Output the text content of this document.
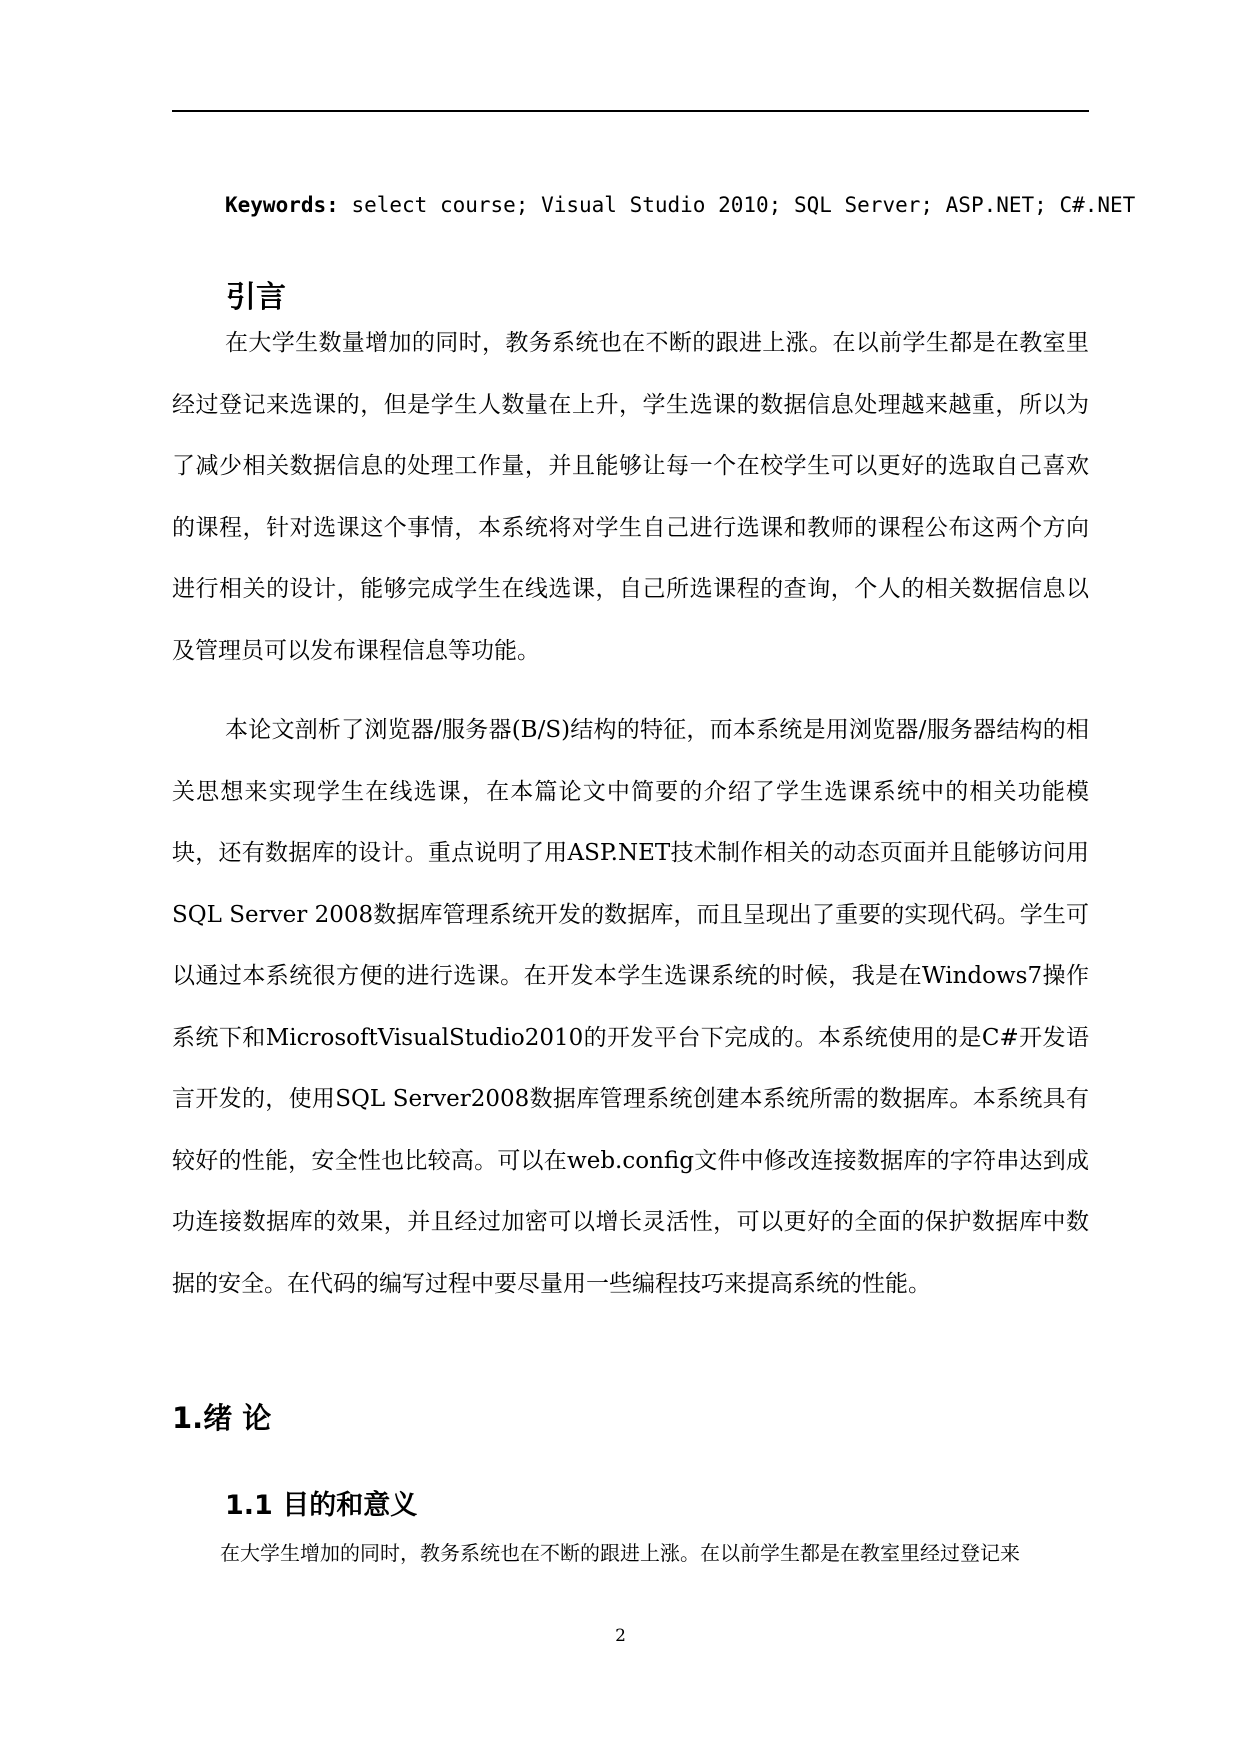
Keywords: select course; Visual Studio 2010; SQL Server; ASP.NET; C#.NET
引言

在大学生数量增加的同时，教务系统也在不断的跟进上涨。在以前学生都是在教室里经过登记来选课的，但是学生人数量在上升，学生选课的数据信息处理越来越重，所以为了减少相关数据信息的处理工作量，并且能够让每一个在校学生可以更好的选取自己喜欢的课程，针对选课这个事情，本系统将对学生自己进行选课和教师的课程公布这两个方向进行相关的设计，能够完成学生在线选课，自己所选课程的查询，个人的相关数据信息以及管理员可以发布课程信息等功能。

本论文剖析了浏览器/服务器(B/S)结构的特征，而本系统是用浏览器/服务器结构的相关思想来实现学生在线选课，在本篇论文中简要的介绍了学生选课系统中的相关功能模块，还有数据库的设计。重点说明了用ASP.NET技术制作相关的动态页面并且能够访问用SQL Server 2008数据库管理系统开发的数据库，而且呈现出了重要的实现代码。学生可以通过本系统很方便的进行选课。在开发本学生选课系统的时候，我是在Windows7操作系统下和MicrosoftVisualStudio2010的开发平台下完成的。本系统使用的是C#开发语言开发的，使用SQL Server2008数据库管理系统创建本系统所需的数据库。本系统具有较好的性能，安全性也比较高。可以在web.config文件中修改连接数据库的字符串达到成功连接数据库的效果，并且经过加密可以增长灵活性，可以更好的全面的保护数据库中数据的安全。在代码的编写过程中要尽量用一些编程技巧来提高系统的性能。

1.绪 论
1.1 目的和意义

在大学生增加的同时，教务系统也在不断的跟进上涨。在以前学生都是在教室里经过登记来

2
